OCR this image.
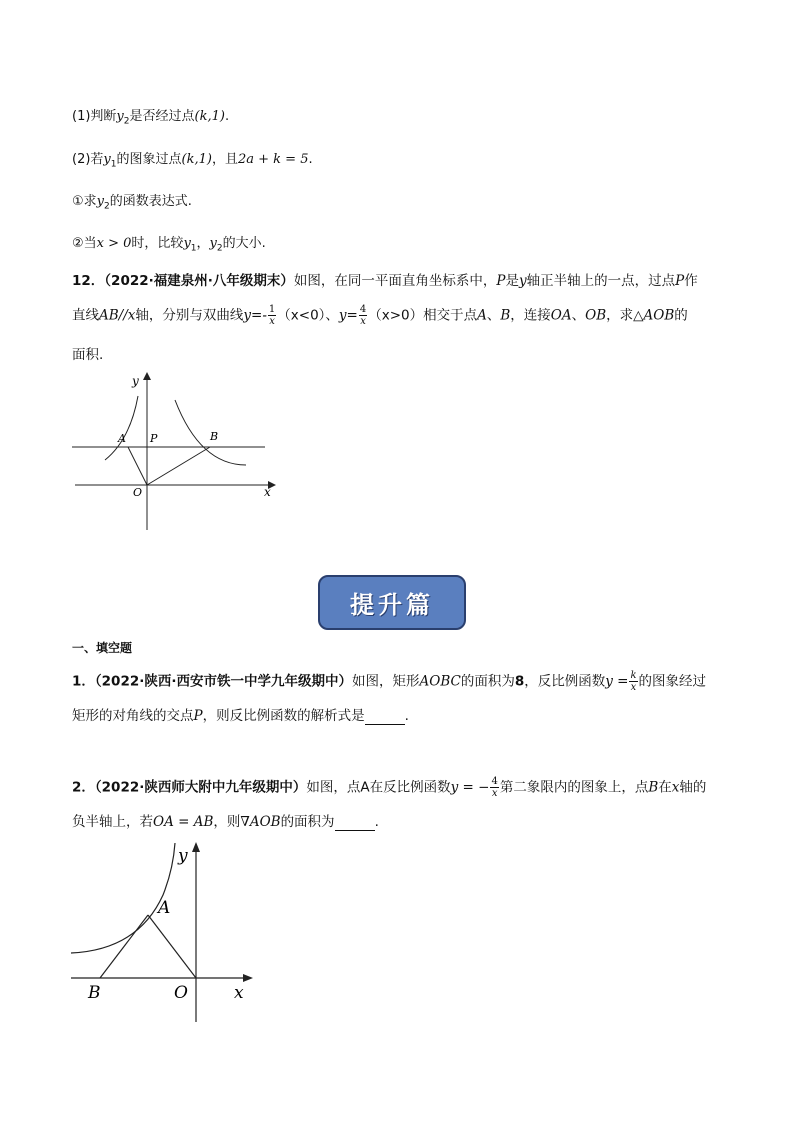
(1)判断$y_2$是否经过点(k,1).
(2)若$y_1$的图象过点(k,1)，且2a + k = 5.
①求$y_2$的函数表达式.
②当x > 0时，比较$y_1$，$y_2$的大小.
12．（2022·福建泉州·八年级期末）如图，在同一平面直角坐标系中，P是y轴正半轴上的一点，过点P作
直线AB//x轴，分别与双曲线$y=- \frac{1}{x} (x<0)$、$y= \frac{4}{x} (x>0)$相交于点A、B，连接OA、OB，求△AOB的
面积.
y
x
O
A P	B
提升篇
一、填空题
1．（2022·陕西·西安市铁一中学九年级期中）如图，矩形AOBC的面积为8，反比例函数$y = \frac{k}{x}$ 的图象经过
矩形的对角线的交点P，则反比例函数的解析式是	.
2．（2022·陕西师大附中九年级期中）如图，点A在反比例函数y = − $\frac{4}{x}$ 第二象限内的图象上，点B在x轴的
负半轴上，若OA = AB，则∇AOB的面积为	.
y
x
A
B	O
